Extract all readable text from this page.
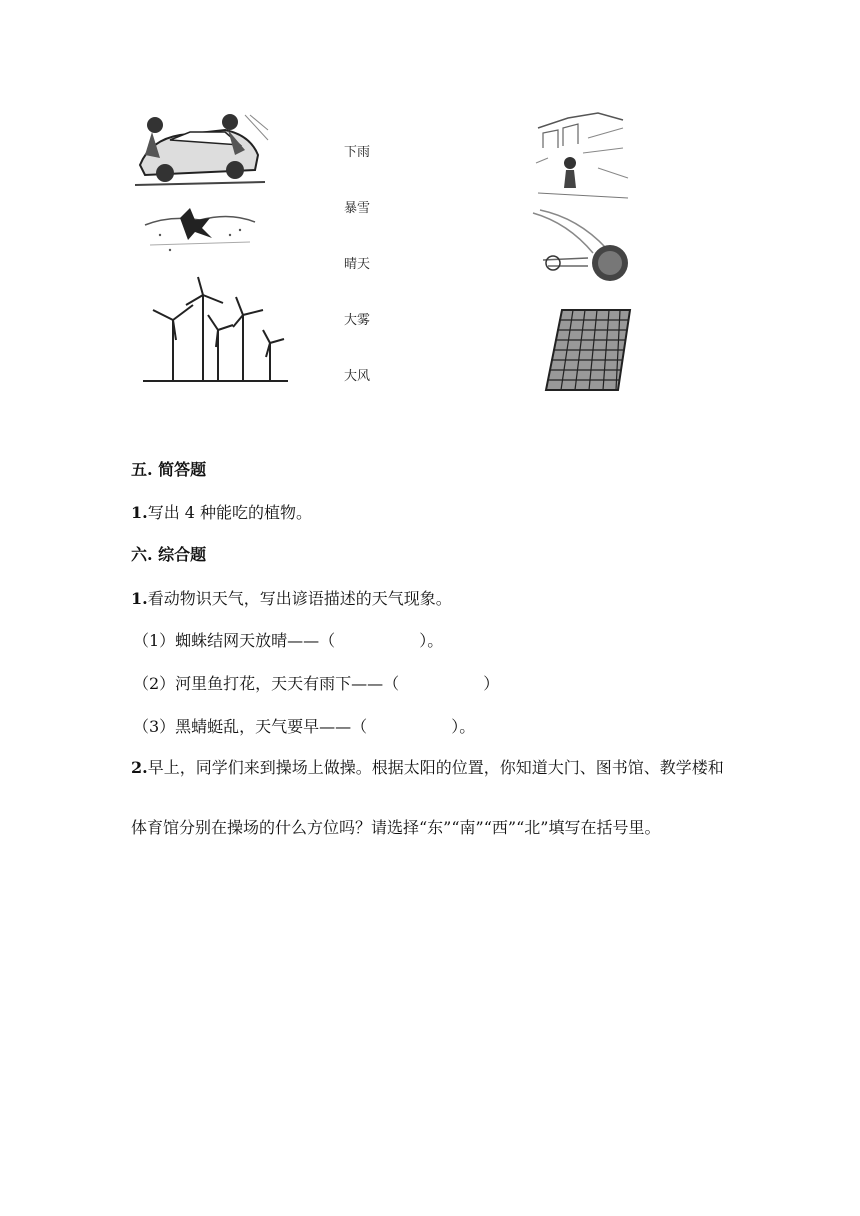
下雨
暴雪
晴天
大雾
大风
五. 简答题
1.写出 4 种能吃的植物。
六. 综合题
1.看动物识天气，写出谚语描述的天气现象。
（1）蜘蛛结网天放晴——（	）。
（2）河里鱼打花，天天有雨下——（	）
（3）黑蜻蜓乱，天气要早——（	）。
2.早上，同学们来到操场上做操。根据太阳的位置，你知道大门、图书馆、教学楼和体育馆分别在操场的什么方位吗？请选择“东”“南”“西”“北”填写在括号里。
